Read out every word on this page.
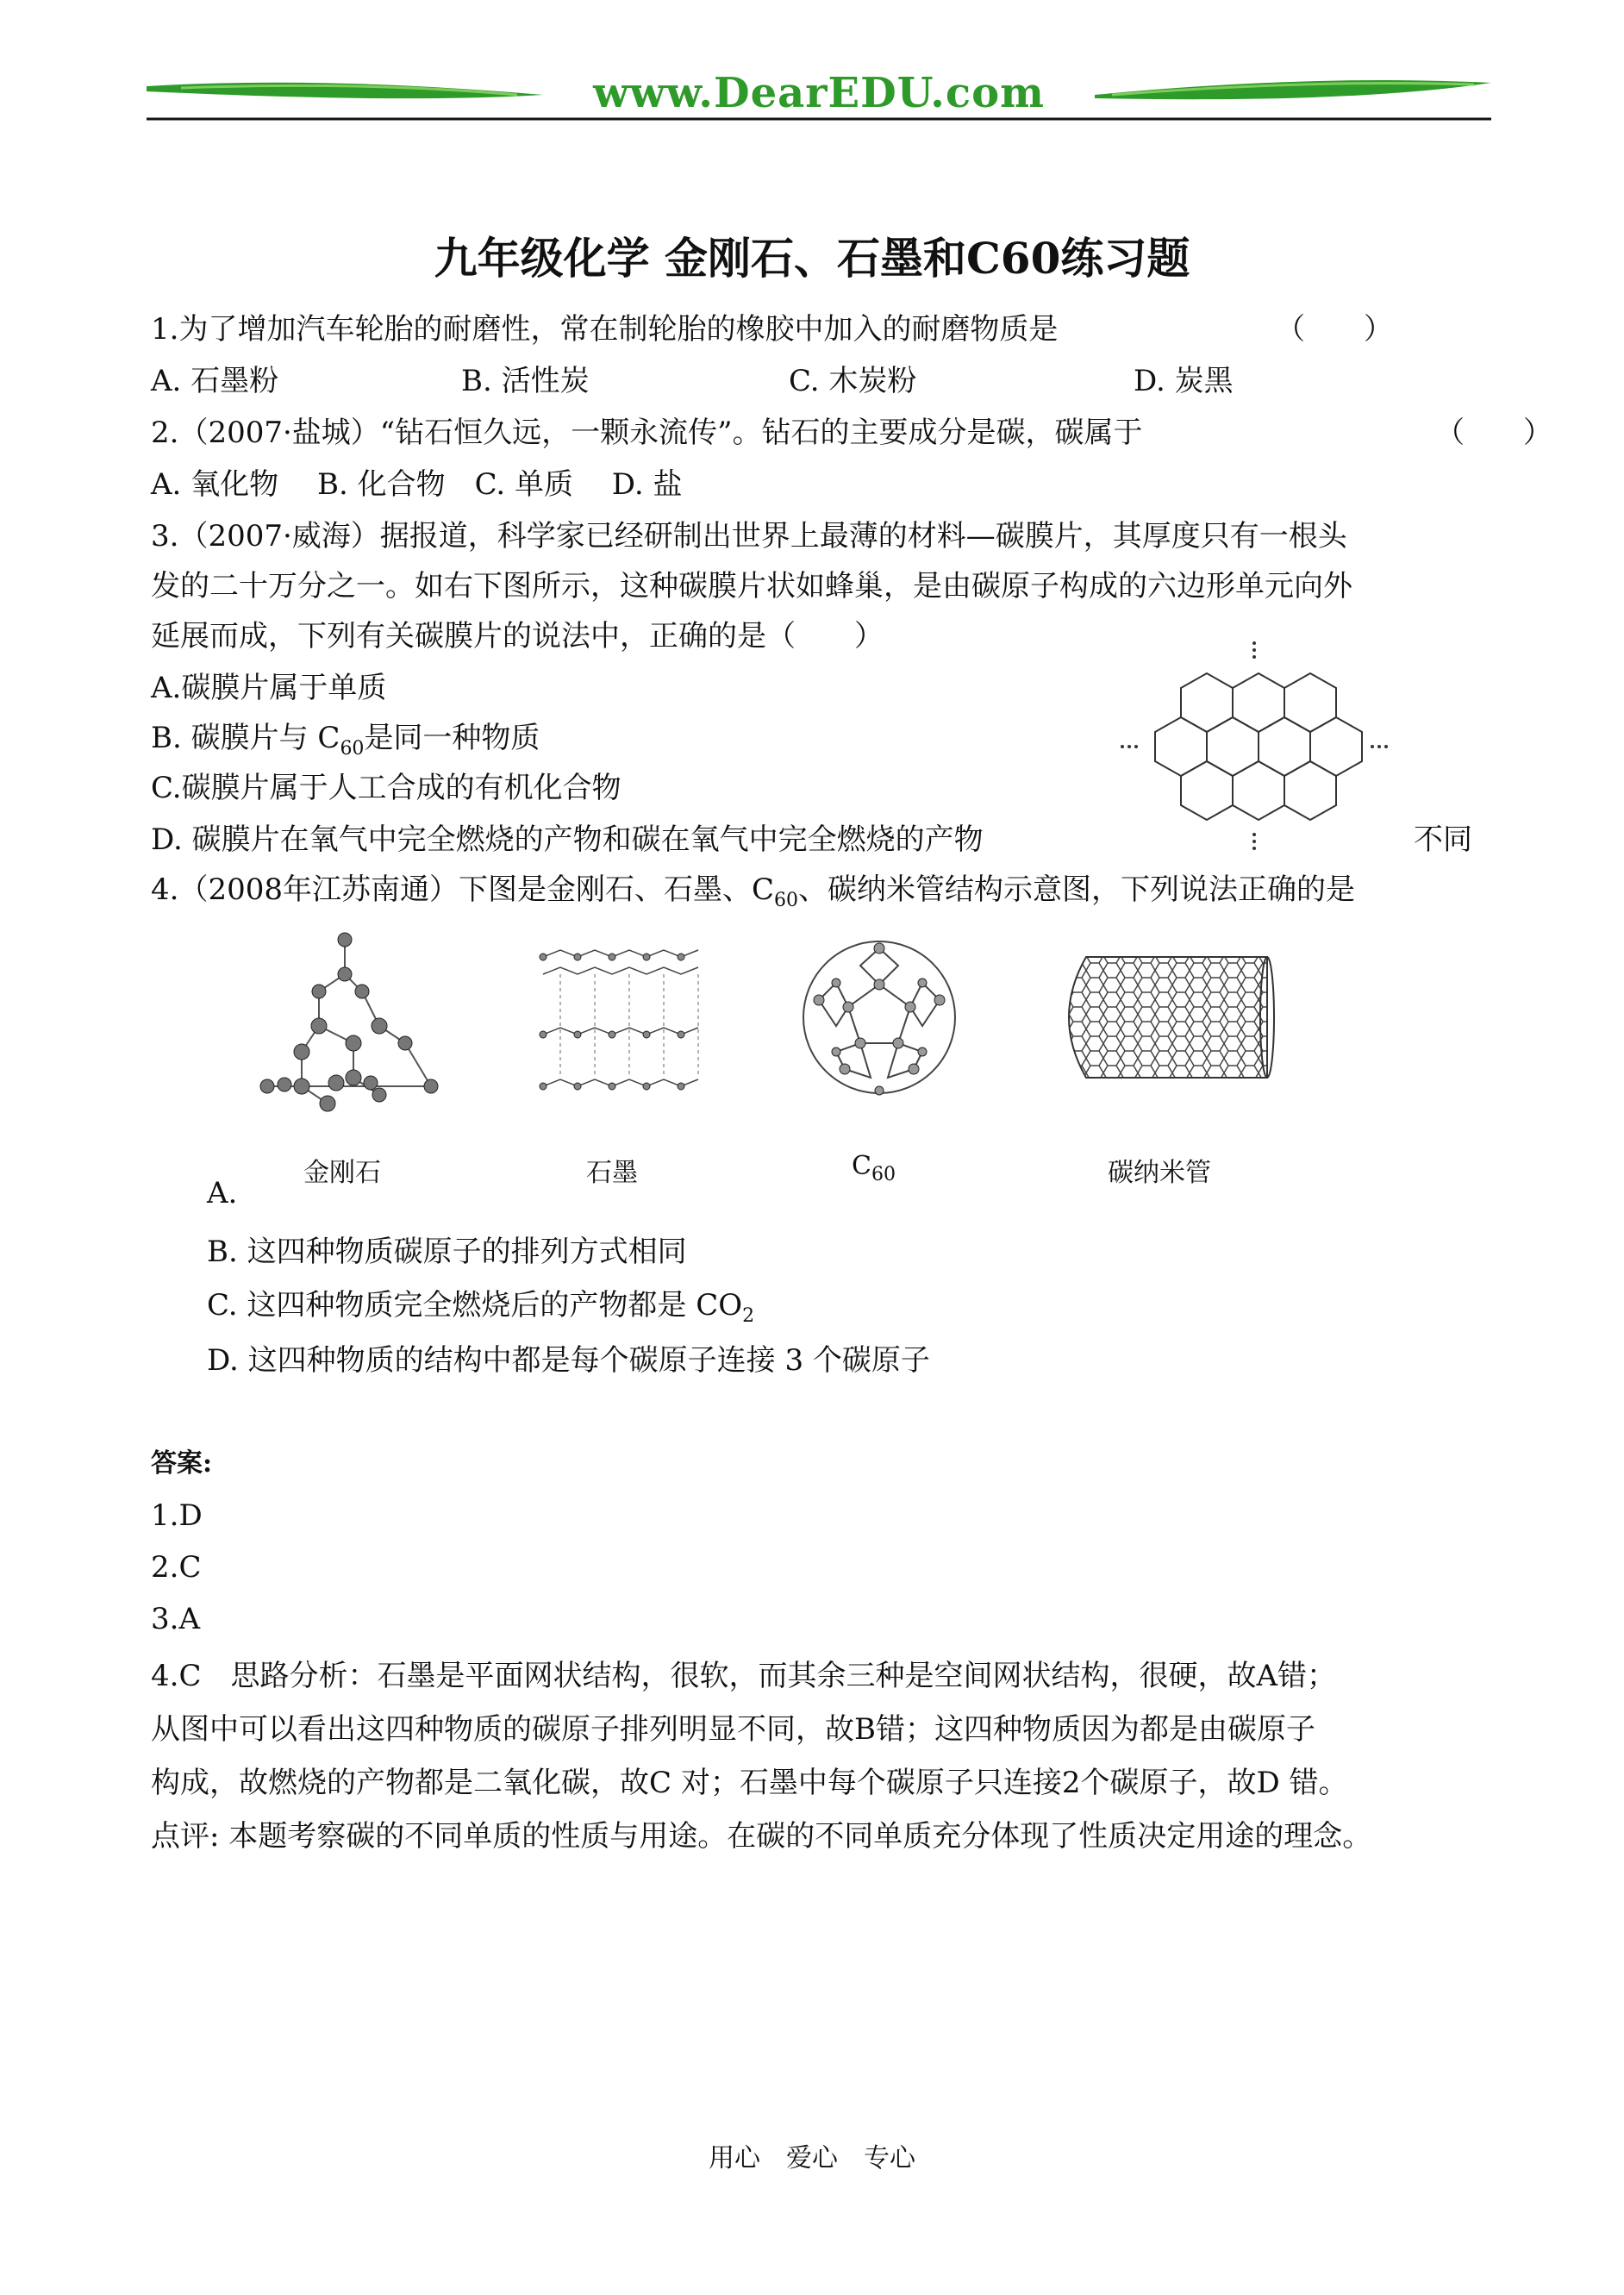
www.DearEDU.com
九年级化学 金刚石、石墨和C60练习题
1.为了增加汽车轮胎的耐磨性，常在制轮胎的橡胶中加入的耐磨物质是	（　　）
A. 石墨粉	B. 活性炭	C. 木炭粉	D. 炭黑
2.（2007·盐城）“钻石恒久远，一颗永流传”。钻石的主要成分是碳，碳属于	（　　）
A. 氧化物　 B. 化合物　C. 单质　 D. 盐
3.（2007·威海）据报道，科学家已经研制出世界上最薄的材料—碳膜片，其厚度只有一根头
发的二十万分之一。如右下图所示，这种碳膜片状如蜂巢，是由碳原子构成的六边形单元向外
延展而成，下列有关碳膜片的说法中，正确的是（　　）
A.碳膜片属于单质
B. 碳膜片与 $C_{60}$是同一种物质
C.碳膜片属于人工合成的有机化合物
D. 碳膜片在氧气中完全燃烧的产物和碳在氧气中完全燃烧的产物	不同
4.（2008年江苏南通）下图是金刚石、石墨、$C_{60}$、碳纳米管结构示意图，下列说法正确的是
金刚石	石墨	$C_{60}$	碳纳米管
A.
B. 这四种物质碳原子的排列方式相同
C. 这四种物质完全燃烧后的产物都是 $CO_2$
D. 这四种物质的结构中都是每个碳原子连接 3 个碳原子
答案:
1.D
2.C
3.A
4.C　思路分析：石墨是平面网状结构，很软，而其余三种是空间网状结构，很硬，故A错；
从图中可以看出这四种物质的碳原子排列明显不同，故B错；这四种物质因为都是由碳原子
构成，故燃烧的产物都是二氧化碳，故C 对；石墨中每个碳原子只连接2个碳原子，故D 错。
点评: 本题考察碳的不同单质的性质与用途。在碳的不同单质充分体现了性质决定用途的理念。
用心　爱心　专心
